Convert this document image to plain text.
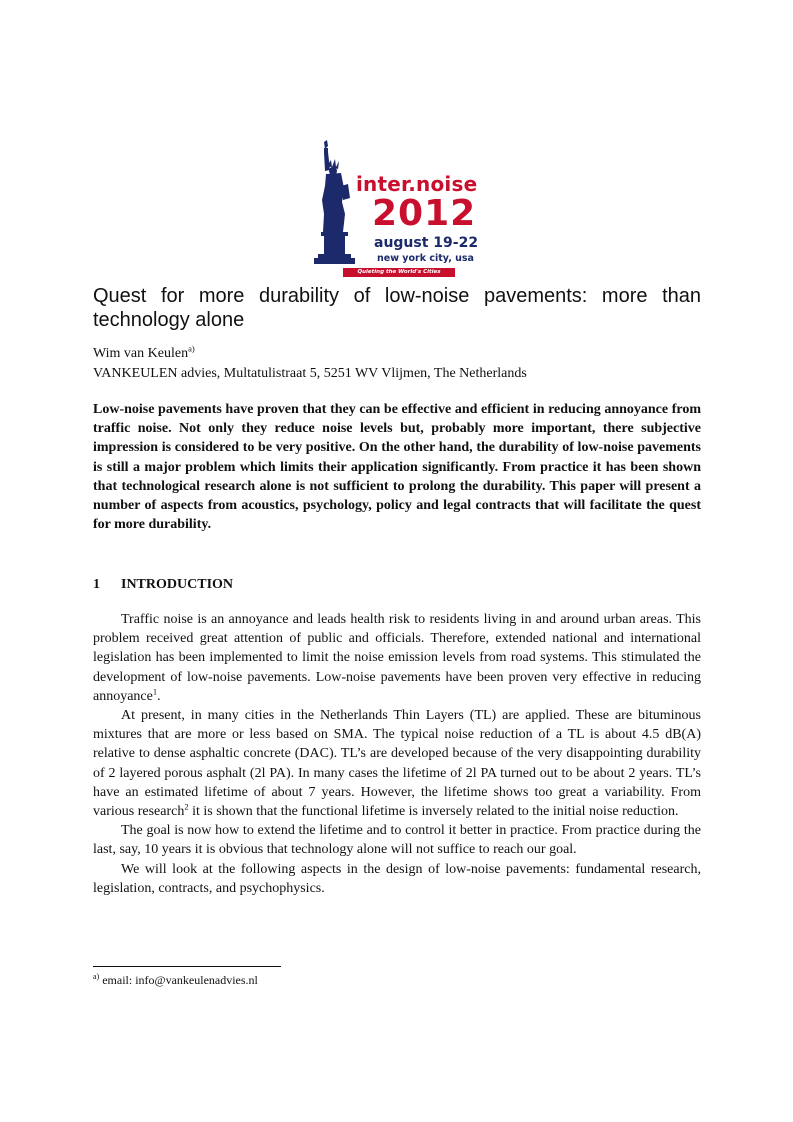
inter.noise
2012
august 19-22
new york city, usa
Quieting the World's Cities
Quest for more durability of low-noise pavements: more than technology alone
Wim van Keulen$^{a)}$
VANKEULEN advies, Multatulistraat 5, 5251 WV Vlijmen, The Netherlands

Low-noise pavements have proven that they can be effective and efficient in reducing annoyance from traffic noise. Not only they reduce noise levels but, probably more important, there subjective impression is considered to be very positive. On the other hand, the durability of low-noise pavements is still a major problem which limits their application significantly. From practice it has been shown that technological research alone is not sufficient to prolong the durability. This paper will present a number of aspects from acoustics, psychology, policy and legal contracts that will facilitate the quest for more durability.

1 INTRODUCTION

Traffic noise is an annoyance and leads health risk to residents living in and around urban areas. This problem received great attention of public and officials. Therefore, extended national and international legislation has been implemented to limit the noise emission levels from road systems. This stimulated the development of low-noise pavements. Low-noise pavements have been proven very effective in reducing annoyance$^1$.

At present, in many cities in the Netherlands Thin Layers (TL) are applied. These are bituminous mixtures that are more or less based on SMA. The typical noise reduction of a TL is about 4.5 dB(A) relative to dense asphaltic concrete (DAC). TL’s are developed because of the very disappointing durability of 2 layered porous asphalt (2l PA). In many cases the lifetime of 2l PA turned out to be about 2 years. TL’s have an estimated lifetime of about 7 years. However, the lifetime shows too great a variability. From various research$^2$ it is shown that the functional lifetime is inversely related to the initial noise reduction.

The goal is now how to extend the lifetime and to control it better in practice. From practice during the last, say, 10 years it is obvious that technology alone will not suffice to reach our goal.

We will look at the following aspects in the design of low-noise pavements: fundamental research, legislation, contracts, and psychophysics.

$^{a)}$ email: info@vankeulenadvies.nl
